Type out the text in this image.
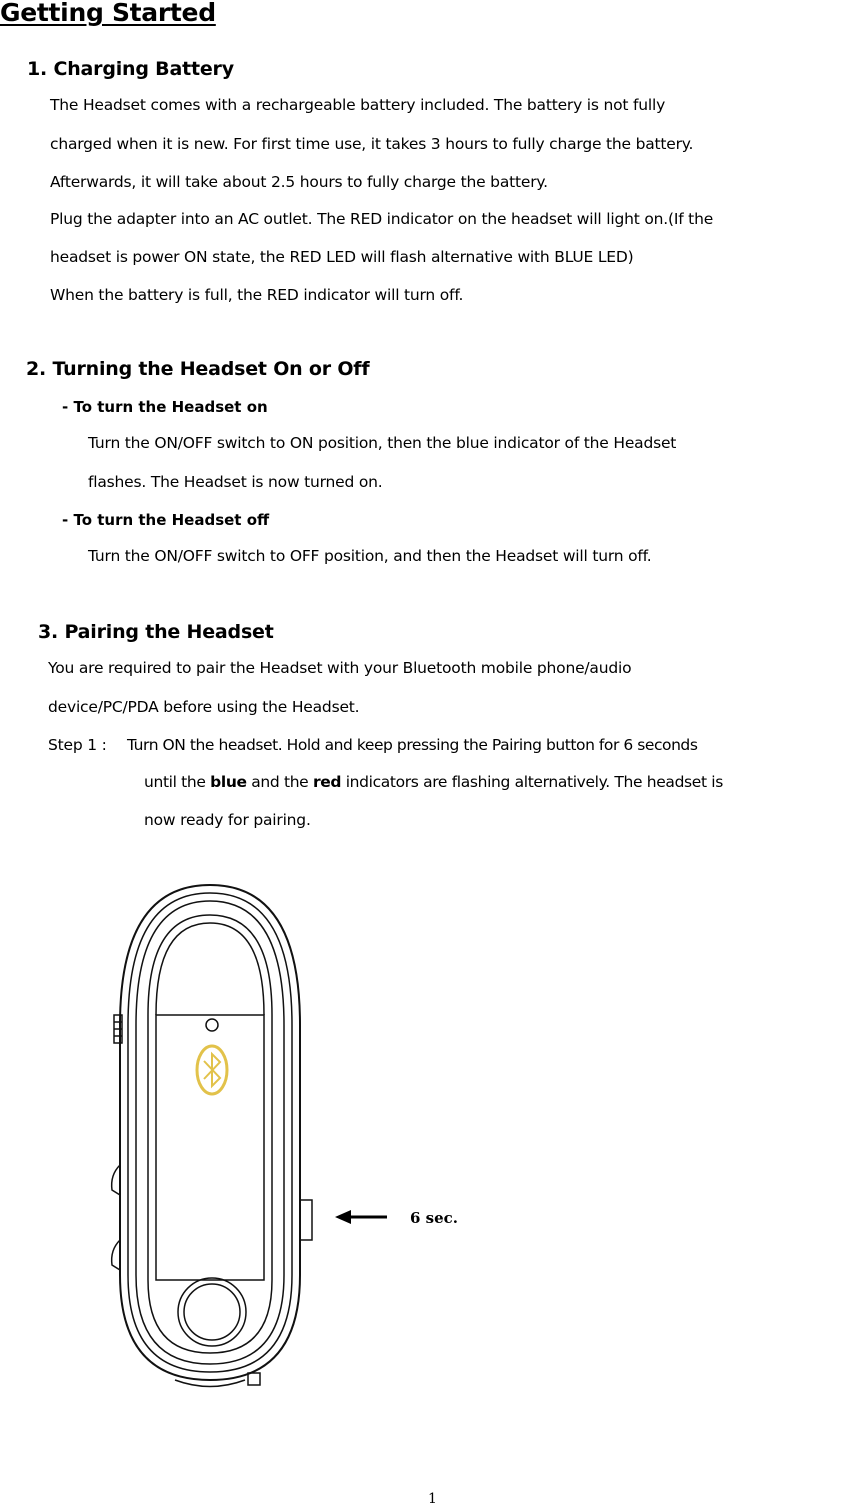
Getting Started
1. Charging Battery
The Headset comes with a rechargeable battery included. The battery is not fully
charged when it is new. For first time use, it takes 3 hours to fully charge the battery.
Afterwards, it will take about 2.5 hours to fully charge the battery.
Plug the adapter into an AC outlet. The RED indicator on the headset will light on.(If the
headset is power ON state, the RED LED will flash alternative with BLUE LED)
When the battery is full, the RED indicator will turn off.
2. Turning the Headset On or Off
- To turn the Headset on
Turn the ON/OFF switch to ON position, then the blue indicator of the Headset
flashes. The Headset is now turned on.
- To turn the Headset off
Turn the ON/OFF switch to OFF position, and then the Headset will turn off.
3. Pairing the Headset
You are required to pair the Headset with your Bluetooth mobile phone/audio
device/PC/PDA before using the Headset.
Step 1 : Turn ON the headset. Hold and keep pressing the Pairing button for 6 seconds
until the blue and the red indicators are flashing alternatively. The headset is
now ready for pairing.
6 sec.
1
